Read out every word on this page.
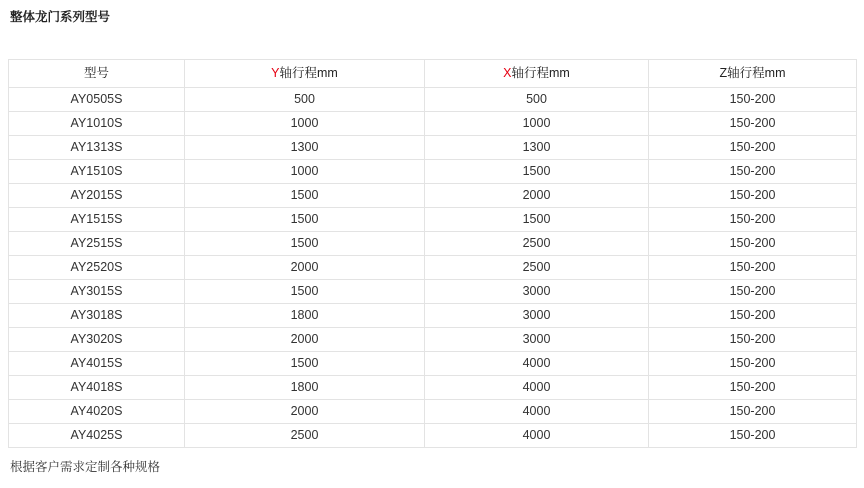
整体龙门系列型号
型号	Y轴行程mm	X轴行程mm	Z轴行程mm
AY0505S	500	500	150-200
AY1010S	1000	1000	150-200
AY1313S	1300	1300	150-200
AY1510S	1000	1500	150-200
AY2015S	1500	2000	150-200
AY1515S	1500	1500	150-200
AY2515S	1500	2500	150-200
AY2520S	2000	2500	150-200
AY3015S	1500	3000	150-200
AY3018S	1800	3000	150-200
AY3020S	2000	3000	150-200
AY4015S	1500	4000	150-200
AY4018S	1800	4000	150-200
AY4020S	2000	4000	150-200
AY4025S	2500	4000	150-200
根据客户需求定制各种规格
